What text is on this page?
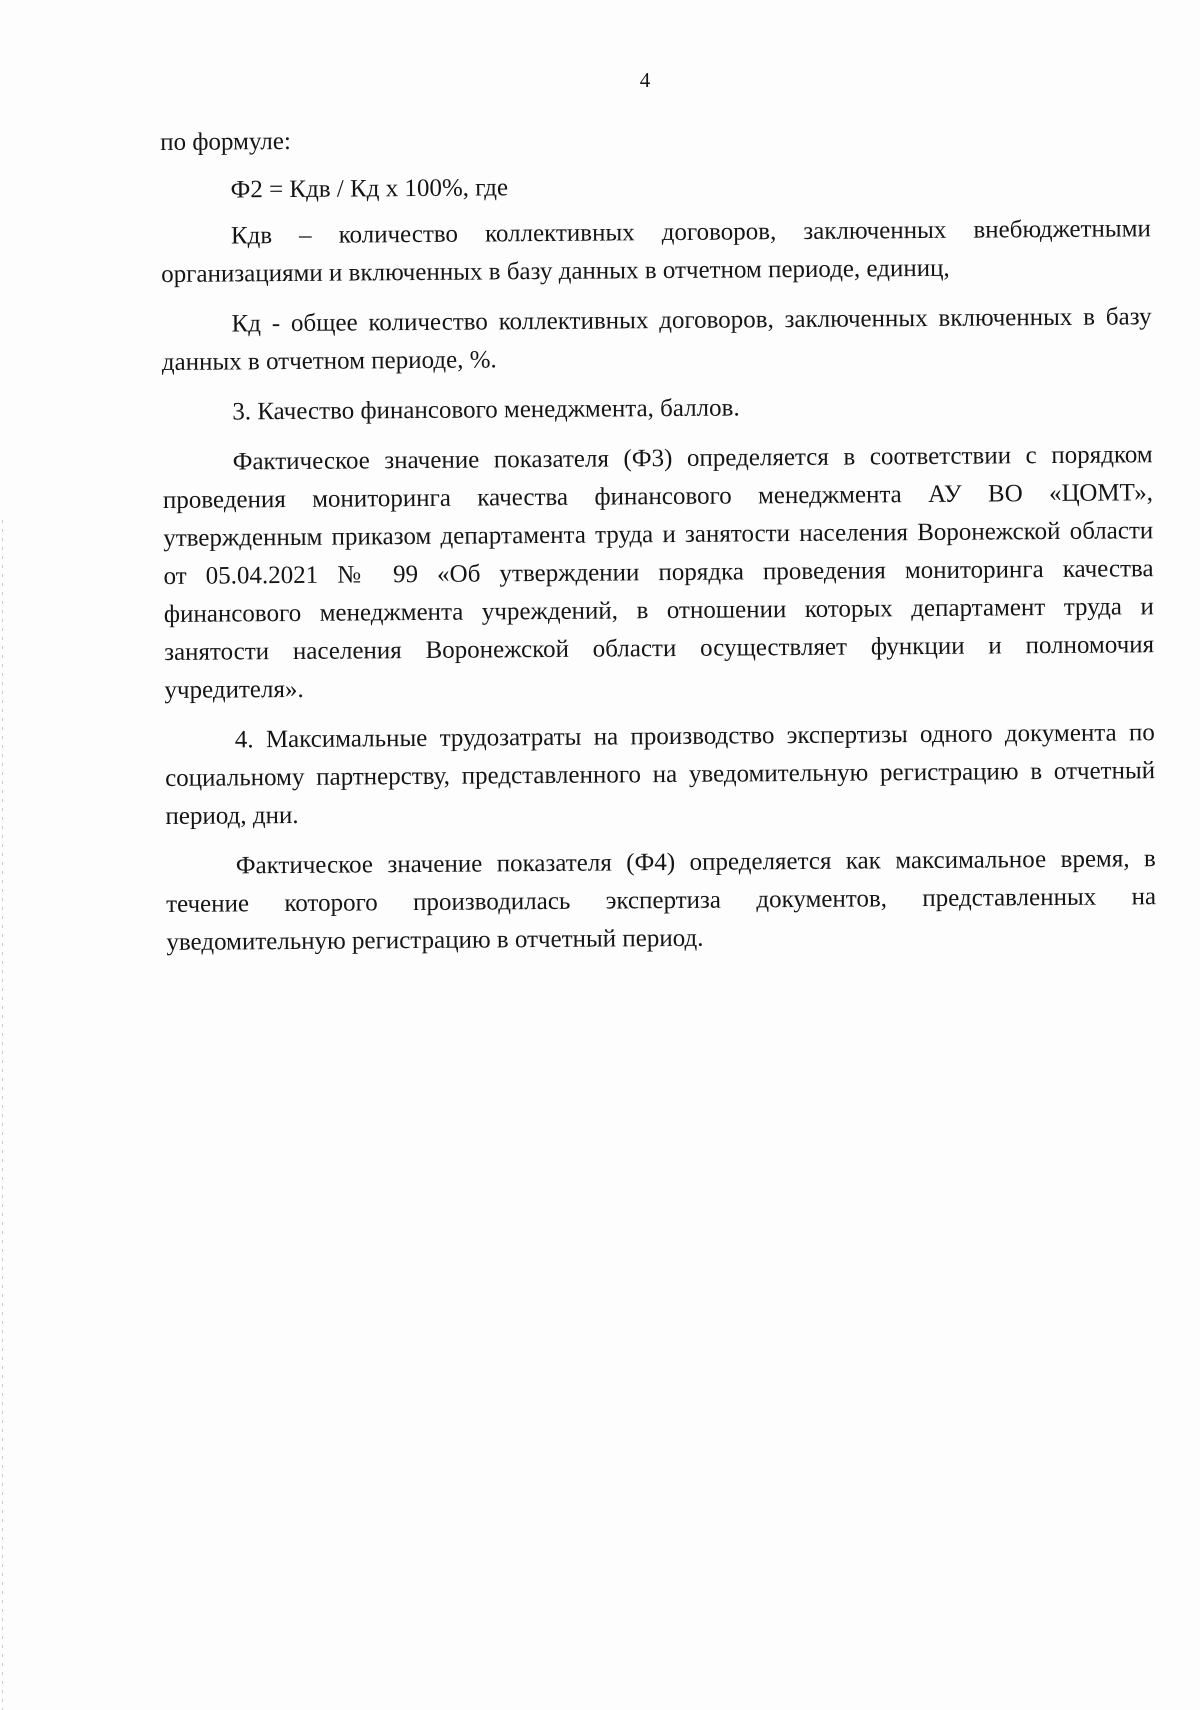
4

по формуле:

Ф2 = Кдв / Кд х 100%, где

Кдв – количество коллективных договоров, заключенных внебюджетными организациями и включенных в базу данных в отчетном периоде, единиц,

Кд - общее количество коллективных договоров, заключенных включенных в базу данных в отчетном периоде, %.

3. Качество финансового менеджмента, баллов.

Фактическое значение показателя (Ф3) определяется в соответствии с порядком проведения мониторинга качества финансового менеджмента АУ ВО «ЦОМТ», утвержденным приказом департамента труда и занятости населения Воронежской области от 05.04.2021 № 99 «Об утверждении порядка проведения мониторинга качества финансового менеджмента учреждений, в отношении которых департамент труда и занятости населения Воронежской области осуществляет функции и полномочия учредителя».

4. Максимальные трудозатраты на производство экспертизы одного документа по социальному партнерству, представленного на уведомительную регистрацию в отчетный период, дни.

Фактическое значение показателя (Ф4) определяется как максимальное время, в течение которого производилась экспертиза документов, представленных на уведомительную регистрацию в отчетный период.
